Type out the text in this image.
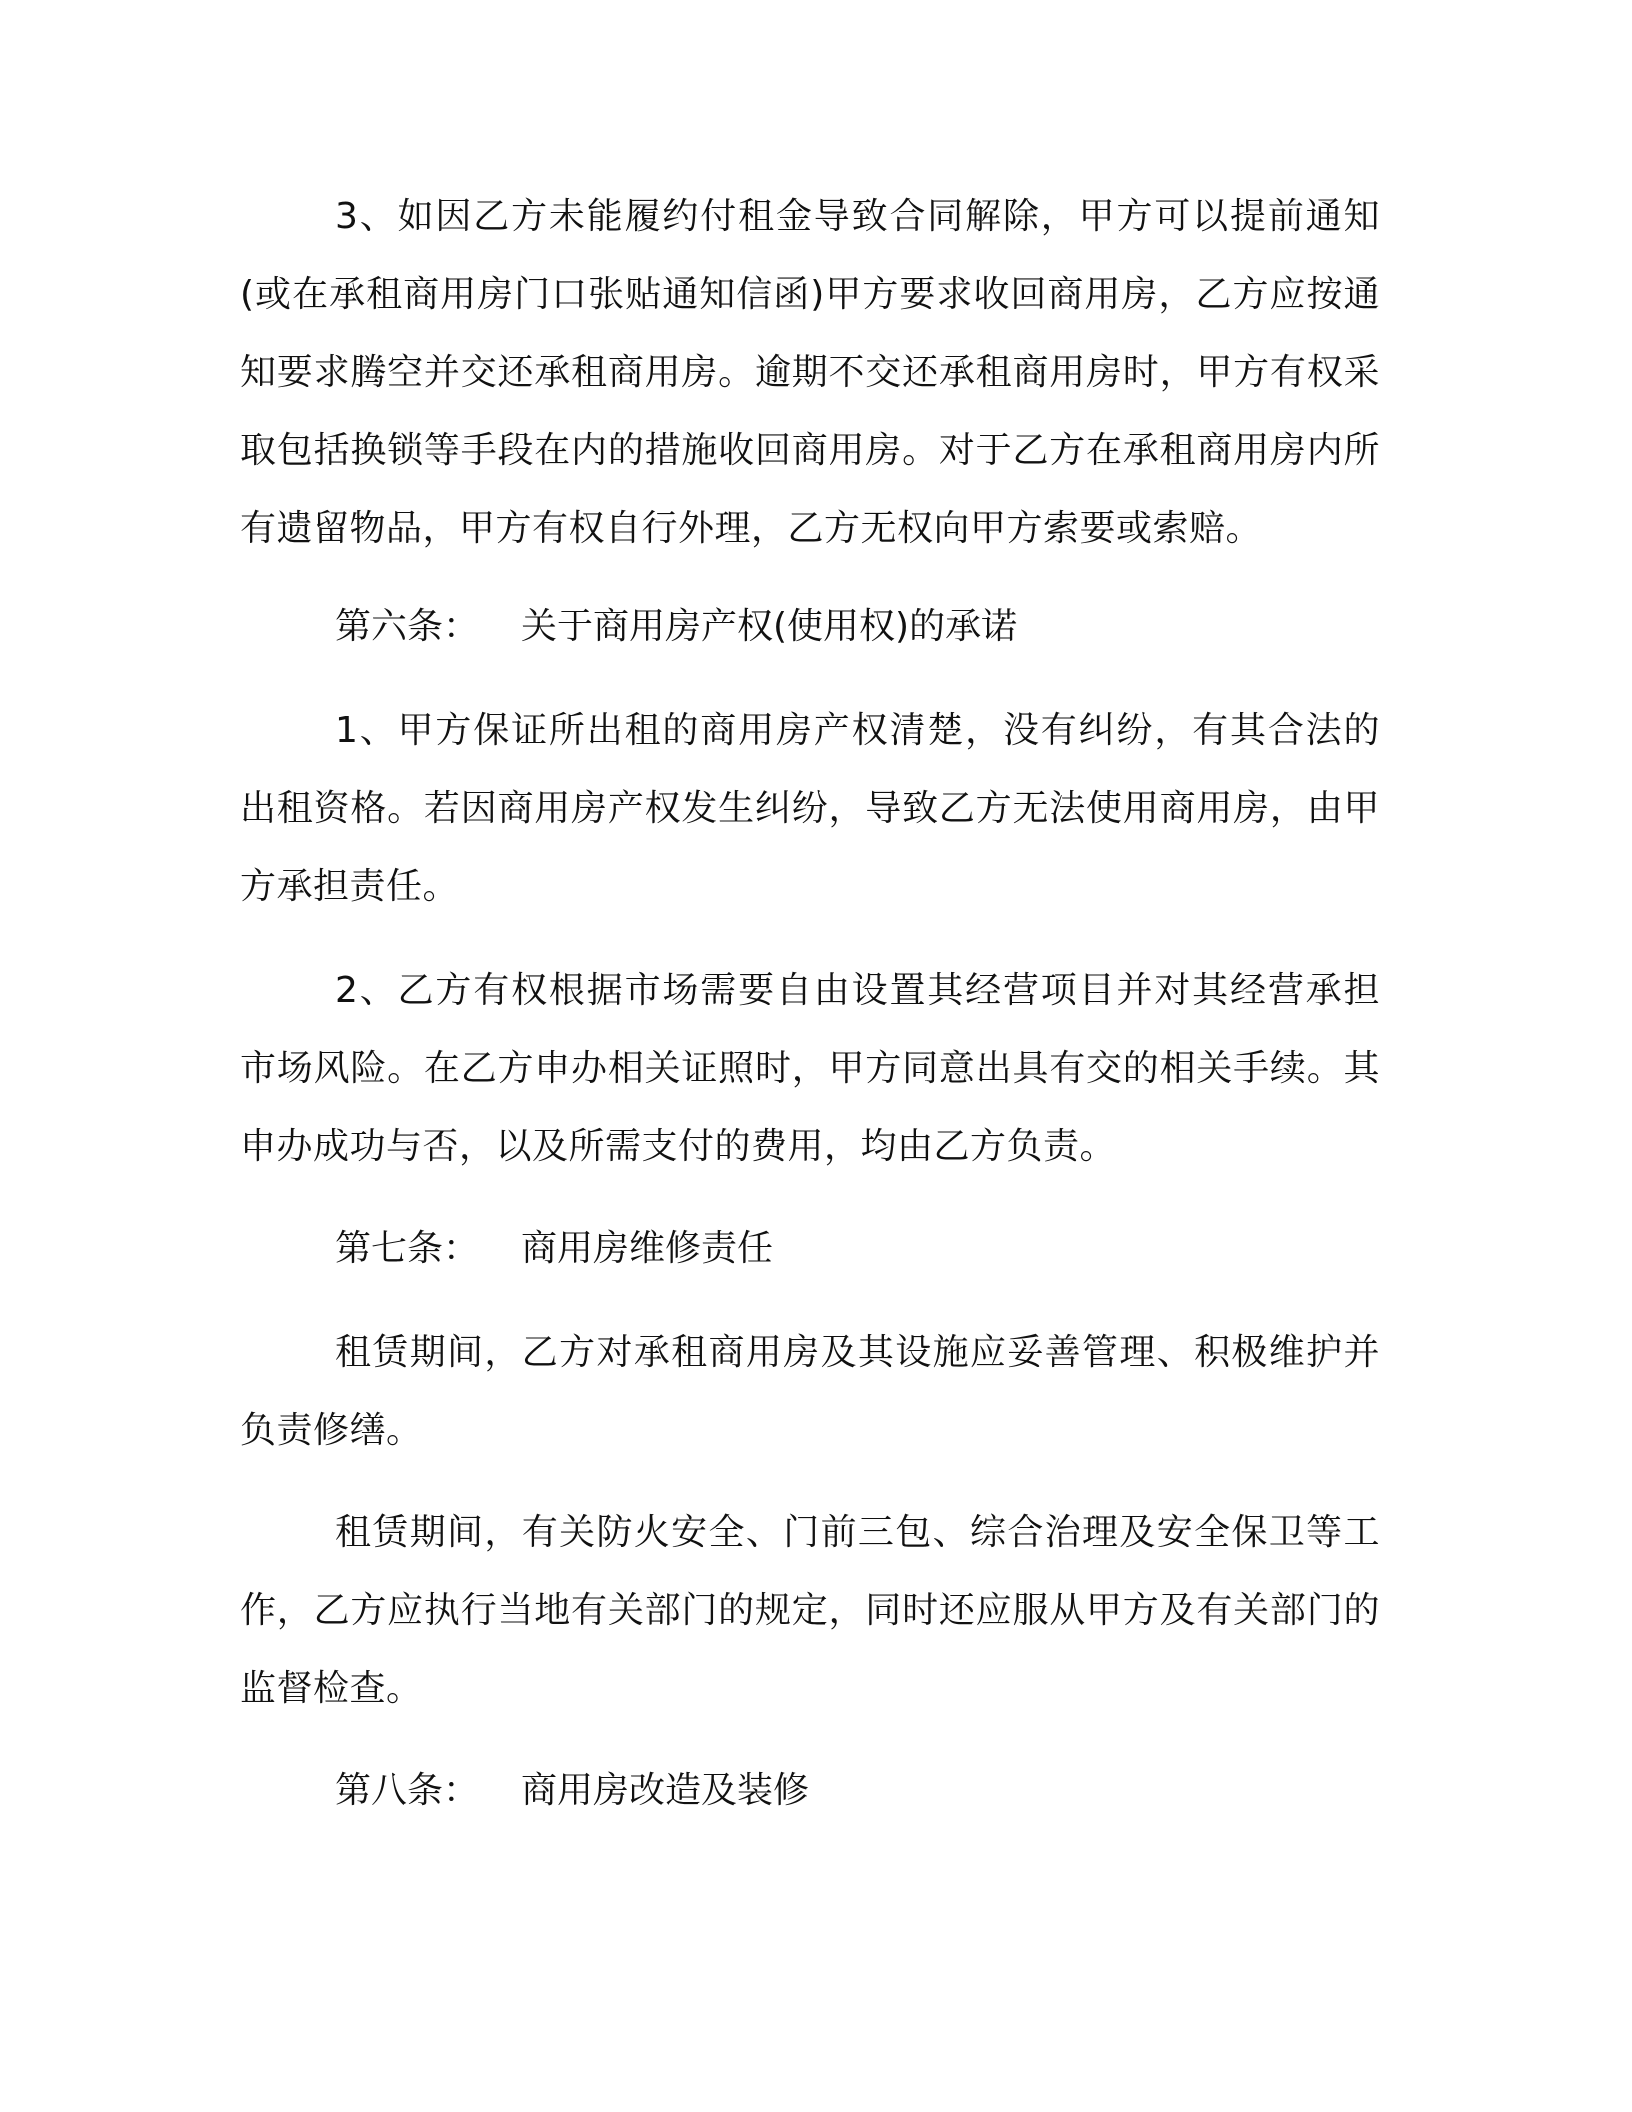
3、如因乙方未能履约付租金导致合同解除，甲方可以提前通知(或在承租商用房门口张贴通知信函)甲方要求收回商用房，乙方应按通知要求腾空并交还承租商用房。逾期不交还承租商用房时，甲方有权采取包括换锁等手段在内的措施收回商用房。对于乙方在承租商用房内所有遗留物品，甲方有权自行外理，乙方无权向甲方索要或索赔。

第六条： 关于商用房产权(使用权)的承诺

1、甲方保证所出租的商用房产权清楚，没有纠纷，有其合法的出租资格。若因商用房产权发生纠纷，导致乙方无法使用商用房，由甲方承担责任。

2、乙方有权根据市场需要自由设置其经营项目并对其经营承担市场风险。在乙方申办相关证照时，甲方同意出具有交的相关手续。其申办成功与否，以及所需支付的费用，均由乙方负责。

第七条： 商用房维修责任

租赁期间，乙方对承租商用房及其设施应妥善管理、积极维护并负责修缮。

租赁期间，有关防火安全、门前三包、综合治理及安全保卫等工作，乙方应执行当地有关部门的规定，同时还应服从甲方及有关部门的监督检查。

第八条： 商用房改造及装修
